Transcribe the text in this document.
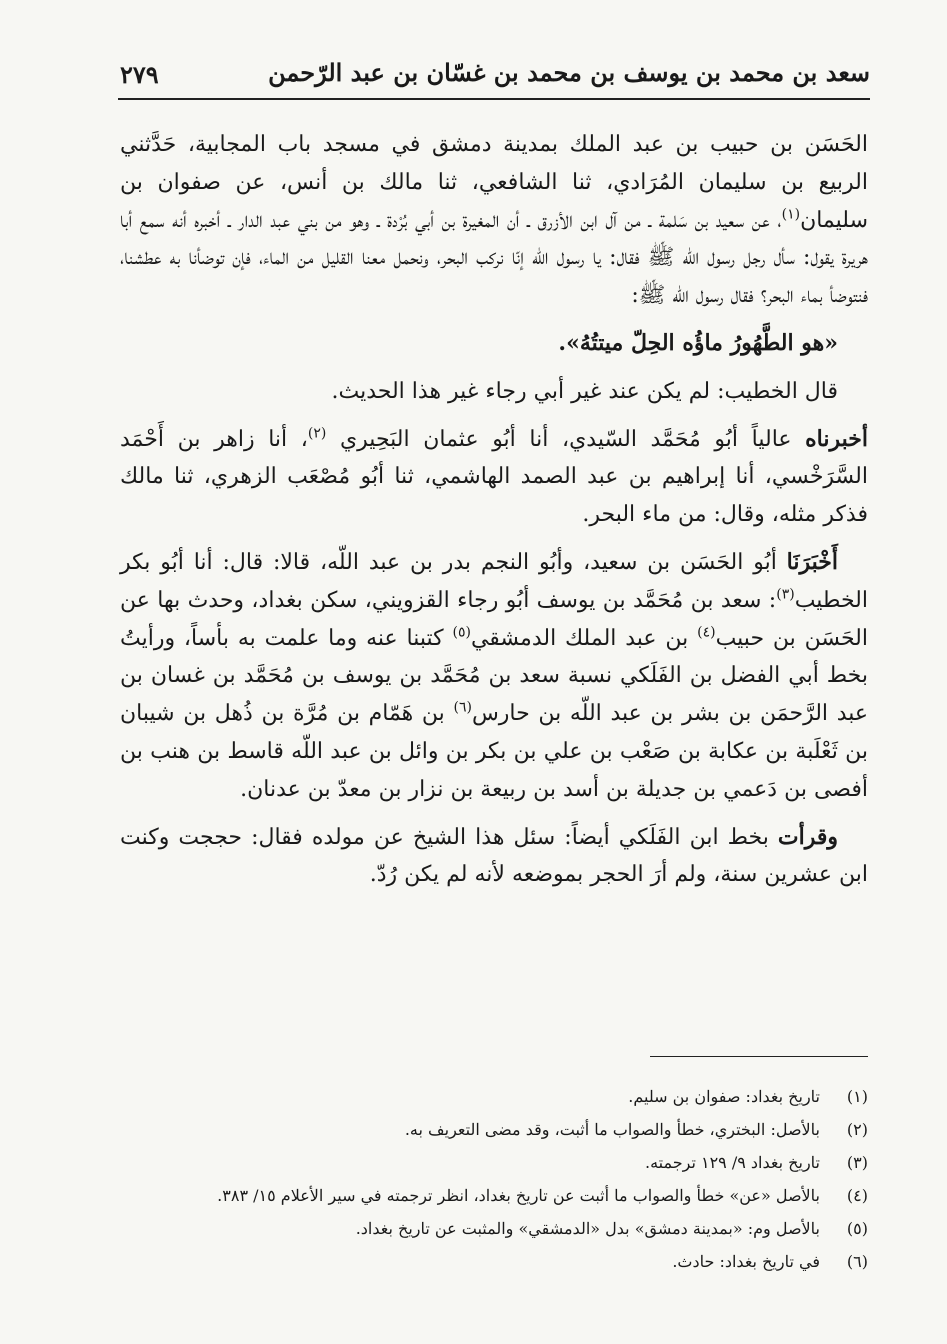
سعد بن محمد بن يوسف بن محمد بن غسّان بن عبد الرّحمن
٢٧٩

الحَسَن بن حبيب بن عبد الملك بمدينة دمشق في مسجد باب المجابية، حَدَّثني الربيع بن سليمان المُرَادي، ثنا الشافعي، ثنا مالك بن أنس، عن صفوان بن سليمان$^{(١)}$، عن سعيد بن سَلمة ـ من آل ابن الأزرق ـ أن المغيرة بن أبي بُرْدة ـ وهو من بني عبد الدار ـ أخبره أنه سمع أبا هريرة يقول: سأل رجل رسول الله ﷺ فقال: يا رسول الله إنّا نركب البحر، ونحمل معنا القليل من الماء، فإن توضأنا به عطشنا، فنتوضأ بماء البحر؟ فقال رسول الله ﷺ:

«هو الطَّهُورُ ماؤُه الحِلّ ميتتُهُ».

قال الخطيب: لم يكن عند غير أبي رجاء غير هذا الحديث.

أخبرناه عالياً أبُو مُحَمَّد السّيدي، أنا أبُو عثمان البَحِيري $^{(٢)}$، أنا زاهر بن أَحْمَد السَّرَخْسي، أنا إبراهيم بن عبد الصمد الهاشمي، ثنا أبُو مُصْعَب الزهري، ثنا مالك فذكر مثله، وقال: من ماء البحر.

أَخْبَرَنَا أبُو الحَسَن بن سعيد، وأبُو النجم بدر بن عبد اللّه، قالا: قال: أنا أبُو بكر الخطيب$^{(٣)}$: سعد بن مُحَمَّد بن يوسف أبُو رجاء القزويني، سكن بغداد، وحدث بها عن الحَسَن بن حبيب$^{(٤)}$ بن عبد الملك الدمشقي$^{(٥)}$ كتبنا عنه وما علمت به بأساً، ورأيتُ بخط أبي الفضل بن الفَلَكي نسبة سعد بن مُحَمَّد بن يوسف بن مُحَمَّد بن غسان بن عبد الرَّحمَن بن بشر بن عبد اللّه بن حارس$^{(٦)}$ بن هَمّام بن مُرَّة بن ذُهل بن شيبان بن ثَعْلَبة بن عكابة بن صَعْب بن علي بن بكر بن وائل بن عبد اللّه قاسط بن هنب بن أفصى بن دَعمي بن جديلة بن أسد بن ربيعة بن نزار بن معدّ بن عدنان.

وقرأت بخط ابن الفَلَكي أيضاً: سئل هذا الشيخ عن مولده فقال: حججت وكنت ابن عشرين سنة، ولم أرَ الحجر بموضعه لأنه لم يكن رُدّ.

(١)
تاريخ بغداد: صفوان بن سليم.
(٢)
بالأصل: البختري، خطأ والصواب ما أثبت، وقد مضى التعريف به.
(٣)
تاريخ بغداد ٩/ ١٢٩ ترجمته.
(٤)
بالأصل «عن» خطأ والصواب ما أثبت عن تاريخ بغداد، انظر ترجمته في سير الأعلام ١٥/ ٣٨٣.
(٥)
بالأصل وم: «بمدينة دمشق» بدل «الدمشقي» والمثبت عن تاريخ بغداد.
(٦)
في تاريخ بغداد: حادث.
